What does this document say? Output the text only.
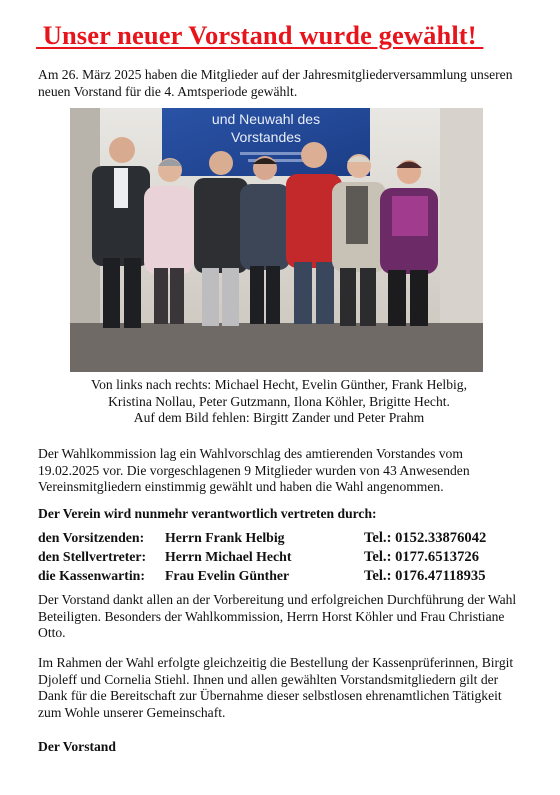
Unser neuer Vorstand wurde gewählt!
Am 26. März 2025 haben die Mitglieder auf der Jahresmitgliederversammlung unseren neuen Vorstand für die 4. Amtsperiode gewählt.
und Neuwahl des
Vorstandes
Von links nach rechts: Michael Hecht, Evelin Günther, Frank Helbig,
Kristina Nollau, Peter Gutzmann, Ilona Köhler, Brigitte Hecht.
Auf dem Bild fehlen: Birgitt Zander und Peter Prahm
Der Wahlkommission lag ein Wahlvorschlag des amtierenden Vorstandes vom 19.02.2025 vor. Die vorgeschlagenen 9 Mitglieder wurden von 43 Anwesenden Vereinsmitgliedern einstimmig gewählt und haben die Wahl angenommen.
Der Verein wird nunmehr verantwortlich vertreten durch:
den Vorsitzenden: Herrn Frank Helbig	Tel.: 0152.33876042
den Stellvertreter: Herrn Michael Hecht	Tel.: 0177.6513726
die Kassenwartin: Frau Evelin Günther	Tel.: 0176.47118935
Der Vorstand dankt allen an der Vorbereitung und erfolgreichen Durchführung der Wahl Beteiligten. Besonders der Wahlkommission, Herrn Horst Köhler und Frau Christiane Otto.
Im Rahmen der Wahl erfolgte gleichzeitig die Bestellung der Kassenprüferinnen, Birgit Djoleff und Cornelia Stiehl. Ihnen und allen gewählten Vorstandsmitgliedern gilt der Dank für die Bereitschaft zur Übernahme dieser selbstlosen ehrenamtlichen Tätigkeit zum Wohle unserer Gemeinschaft.
Der Vorstand
